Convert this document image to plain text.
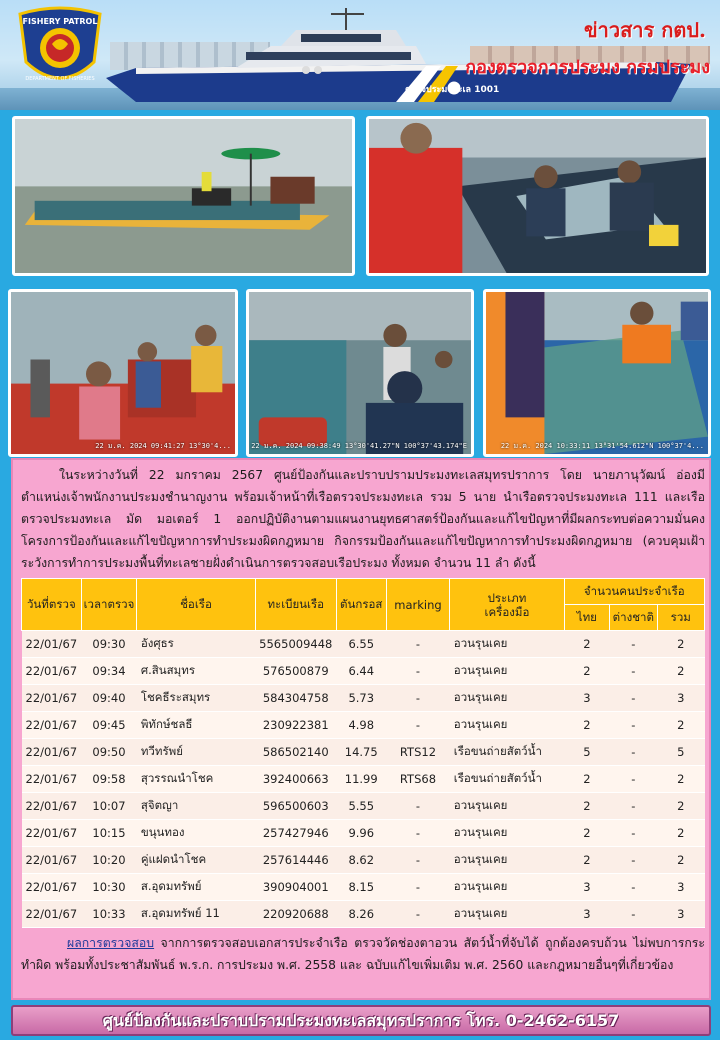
FISHERY PATROL
DEPARTMENT OF FISHERIES
ตรวจประมงทะเล 1001
ข่าวสาร กตป.
กองตรวจการประมง กรมประมง
22 ม.ค. 2024 09:41:27 13°30'4...	22 ม.ค. 2024 09:38:49 13°30'41.27"N 100°37'43.174"E	22 ม.ค. 2024 10:33:11 13°31'54.612"N 100°37'4...

ในระหว่างวันที่ 22 มกราคม 2567 ศูนย์ป้องกันและปราบปรามประมงทะเลสมุทรปราการ โดย นายภานุวัฒน์ อ่องมี ตำแหน่งเจ้าพนักงานประมงชำนาญงาน พร้อมเจ้าหน้าที่เรือตรวจประมงทะเล รวม 5 นาย นำเรือตรวจประมงทะเล 111 และเรือตรวจประมงทะเล มัด มอเตอร์ 1 ออกปฏิบัติงานตามแผนงานยุทธศาสตร์ป้องกันและแก้ไขปัญหาที่มีผลกระทบต่อความมั่นคง โครงการป้องกันและแก้ไขปัญหาการทำประมงผิดกฎหมาย กิจกรรมป้องกันและแก้ไขปัญหาการทำประมงผิดกฎหมาย (ควบคุมเฝ้าระวังการทำการประมงพื้นที่ทะเลชายฝั่งดำเนินการตรวจสอบเรือประมง ทั้งหมด จำนวน 11 ลำ ดังนี้

วันที่ตรวจ	เวลาตรวจ	ชื่อเรือ	ทะเบียนเรือ	ตันกรอส	marking	ประเภท
เครื่องมือ	จำนวนคนประจำเรือ		
							ไทย	ต่างชาติ	รวม
22/01/67	09:30	อังศุธร	5565009448	6.55	-	อวนรุนเคย	2	-	2
22/01/67	09:34	ศ.สินสมุทร	576500879	6.44	-	อวนรุนเคย	2	-	2
22/01/67	09:40	โชคธีระสมุทร	584304758	5.73	-	อวนรุนเคย	3	-	3
22/01/67	09:45	พิทักษ์ชลธี	230922381	4.98	-	อวนรุนเคย	2	-	2
22/01/67	09:50	ทวีทรัพย์	586502140	14.75	RTS12	เรือขนถ่ายสัตว์น้ำ	5	-	5
22/01/67	09:58	สุวรรณนำโชค	392400663	11.99	RTS68	เรือขนถ่ายสัตว์น้ำ	2	-	2
22/01/67	10:07	สุจิตญา	596500603	5.55	-	อวนรุนเคย	2	-	2
22/01/67	10:15	ขนุนทอง	257427946	9.96	-	อวนรุนเคย	2	-	2
22/01/67	10:20	คู่แฝดนำโชค	257614446	8.62	-	อวนรุนเคย	2	-	2
22/01/67	10:30	ส.อุดมทรัพย์	390904001	8.15	-	อวนรุนเคย	3	-	3
22/01/67	10:33	ส.อุดมทรัพย์ 11	220920688	8.26	-	อวนรุนเคย	3	-	3

ผลการตรวจสอบ จากการตรวจสอบเอกสารประจำเรือ ตรวจวัดช่องตาอวน สัตว์น้ำที่จับได้ ถูกต้องครบถ้วน ไม่พบการกระทำผิด พร้อมทั้งประชาสัมพันธ์ พ.ร.ก. การประมง พ.ศ. 2558 และ ฉบับแก้ไขเพิ่มเติม พ.ศ. 2560 และกฎหมายอื่นๆที่เกี่ยวข้อง

ศูนย์ป้องกันและปราบปรามประมงทะเลสมุทรปราการ โทร. 0-2462-6157
